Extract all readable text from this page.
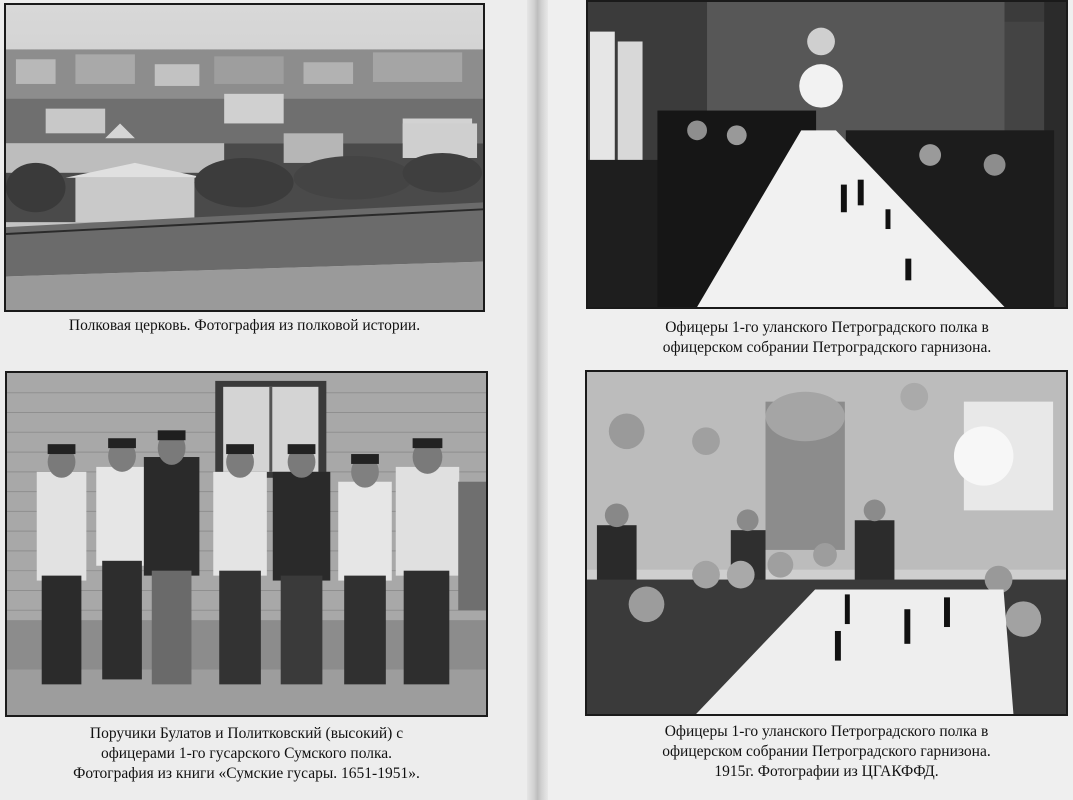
Полковая церковь. Фотография из полковой истории.
Поручики Булатов и Политковский (высокий) с
офицерами 1-го гусарского Сумского полка.
Фотография из книги «Сумские гусары. 1651-1951».
Офицеры 1-го уланского Петроградского полка в
офицерском собрании Петроградского гарнизона.
Офицеры 1-го уланского Петроградского полка в
офицерском собрании Петроградского гарнизона.
1915г. Фотографии из ЦГАКФФД.
